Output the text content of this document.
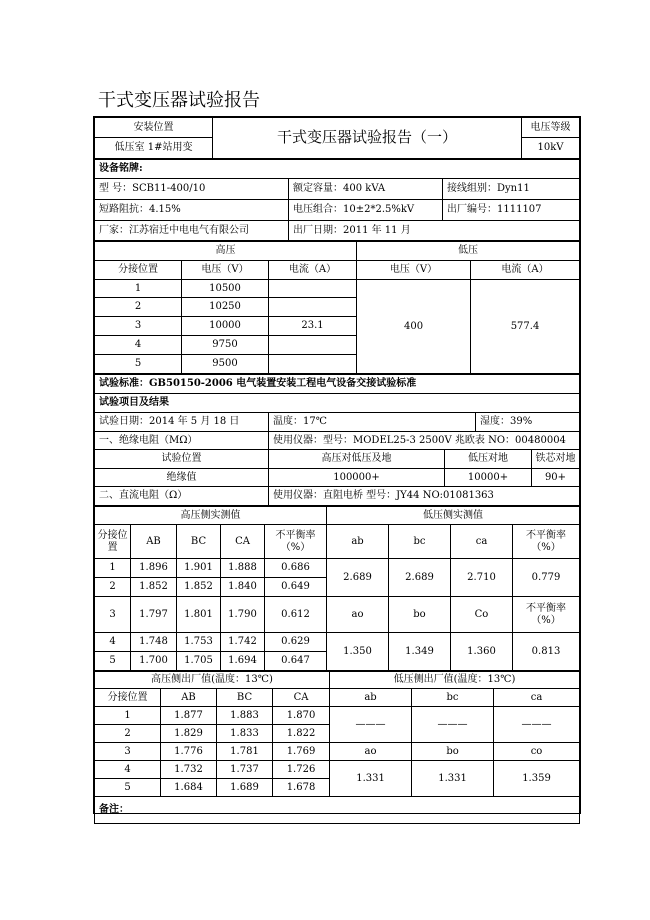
干式变压器试验报告
安装位置	干式变压器试验报告（一）	电压等级
低压室 1#站用变		10kV
设备铭牌:		
型 号：SCB11-400/10	额定容量：400 kVA	接线组别：Dyn11
短路阻抗：4.15%	电压组合：10±2*2.5%kV	出厂编号：1111107
厂家：江苏宿迁中电电气有限公司	出厂日期：2011 年 11 月	
高压			低压	
分接位置	电压（V）	电流（A）	电压（V）	电流（A）
1	10500		400	577.4
2	10250			
3	10000	23.1		
4	9750			
5	9500			
试验标准：GB50150-2006 电气装置安装工程电气设备交接试验标准				
试验项目及结果				
试验日期：2014 年 5 月 18 日	温度：17℃		湿度：39%	
一、绝缘电阻（MΩ）	使用仪器：型号：MODEL25-3 2500V 兆欧表 NO：00480004			
试验位置	高压对低压及地	低压对地		铁芯对地
绝缘值	100000+	10000+		90+
二、直流电阻（Ω）	使用仪器：直阻电桥 型号：JY44 NO:01081363			
高压侧实测值					低压侧实测值			
分接位置	AB	BC	CA	不平衡率（%）	ab	bc	ca	不平衡率（%）
1	1.896	1.901	1.888	0.686	2.689	2.689	2.710	0.779
2	1.852	1.852	1.840	0.649				
3	1.797	1.801	1.790	0.612	ao	bo	Co	不平衡率（%）
4	1.748	1.753	1.742	0.629	1.350	1.349	1.360	0.813
5	1.700	1.705	1.694	0.647				
高压侧出厂值(温度：13℃)				低压侧出厂值(温度：13℃)		
分接位置	AB	BC	CA	ab	bc	ca
1	1.877	1.883	1.870	———	———	———
2	1.829	1.833	1.822			
3	1.776	1.781	1.769	ao	bo	co
4	1.732	1.737	1.726	1.331	1.331	1.359
5	1.684	1.689	1.678			
备注：						
